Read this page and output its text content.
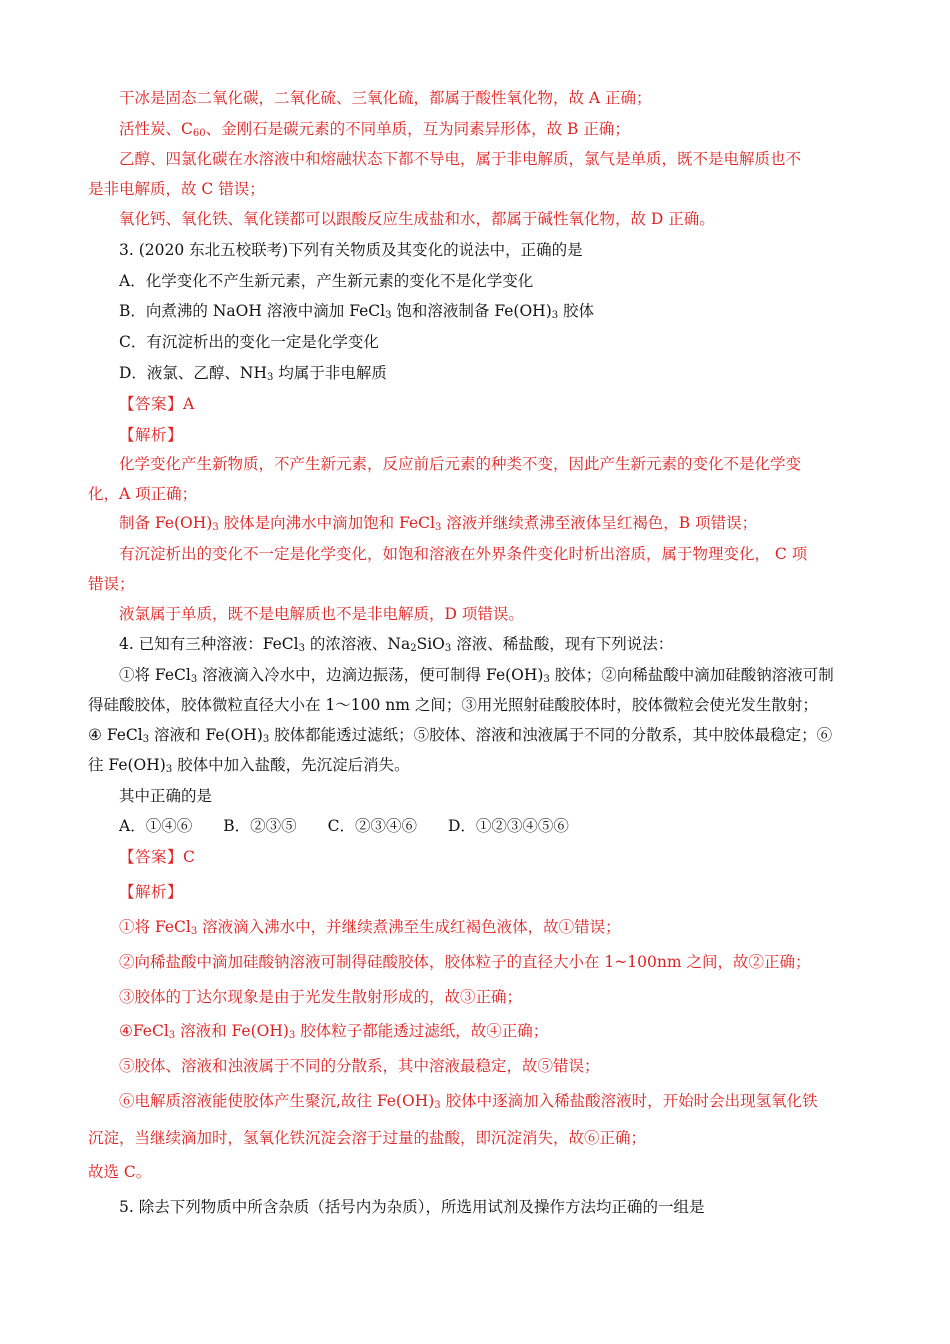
干冰是固态二氧化碳，二氧化硫、三氧化硫，都属于酸性氧化物，故 A 正确；
活性炭、$C_{60}$、金刚石是碳元素的不同单质，互为同素异形体，故 B 正确；
乙醇、四氯化碳在水溶液中和熔融状态下都不导电，属于非电解质，氯气是单质，既不是电解质也不
是非电解质，故 C 错误；
氧化钙、氧化铁、氧化镁都可以跟酸反应生成盐和水，都属于碱性氧化物，故 D 正确。
3. (2020 东北五校联考)下列有关物质及其变化的说法中，正确的是
A．化学变化不产生新元素，产生新元素的变化不是化学变化
B．向煮沸的 NaOH 溶液中滴加 FeCl$_3$ 饱和溶液制备 $Fe(OH)_3$ 胶体
C．有沉淀析出的变化一定是化学变化
D．液氯、乙醇、$NH_3$ 均属于非电解质
【答案】A
【解析】
化学变化产生新物质，不产生新元素，反应前后元素的种类不变，因此产生新元素的变化不是化学变
化，A 项正确；
制备 $Fe(OH)_3$ 胶体是向沸水中滴加饱和 FeCl$_3$ 溶液并继续煮沸至液体呈红褐色，B 项错误；
有沉淀析出的变化不一定是化学变化，如饱和溶液在外界条件变化时析出溶质，属于物理变化， C 项
错误；
液氯属于单质，既不是电解质也不是非电解质，D 项错误。
4. 已知有三种溶液：FeCl$_3$ 的浓溶液、$Na_2SiO_3$ 溶液、稀盐酸，现有下列说法：
①将 FeCl$_3$ 溶液滴入冷水中，边滴边振荡，便可制得 $Fe(OH)_3$ 胶体；②向稀盐酸中滴加硅酸钠溶液可制
得硅酸胶体，胶体微粒直径大小在 1～100 nm 之间；③用光照射硅酸胶体时，胶体微粒会使光发生散射；
④ FeCl$_3$ 溶液和 $Fe(OH)_3$ 胶体都能透过滤纸；⑤胶体、溶液和浊液属于不同的分散系，其中胶体最稳定；⑥
往 $Fe(OH)_3$ 胶体中加入盐酸，先沉淀后消失。
其中正确的是
A．①④⑥　　B．②③⑤　　C．②③④⑥　　D．①②③④⑤⑥
【答案】C
【解析】
①将 FeCl$_3$ 溶液滴入沸水中，并继续煮沸至生成红褐色液体，故①错误；
②向稀盐酸中滴加硅酸钠溶液可制得硅酸胶体，胶体粒子的直径大小在 1~100nm 之间，故②正确；
③胶体的丁达尔现象是由于光发生散射形成的，故③正确；
④FeCl$_3$ 溶液和 $Fe(OH)_3$ 胶体粒子都能透过滤纸，故④正确；
⑤胶体、溶液和浊液属于不同的分散系，其中溶液最稳定，故⑤错误；
⑥电解质溶液能使胶体产生聚沉,故往 $Fe(OH)_3$ 胶体中逐滴加入稀盐酸溶液时，开始时会出现氢氧化铁
沉淀，当继续滴加时，氢氧化铁沉淀会溶于过量的盐酸，即沉淀消失，故⑥正确；
故选 C。
5. 除去下列物质中所含杂质（括号内为杂质），所选用试剂及操作方法均正确的一组是
